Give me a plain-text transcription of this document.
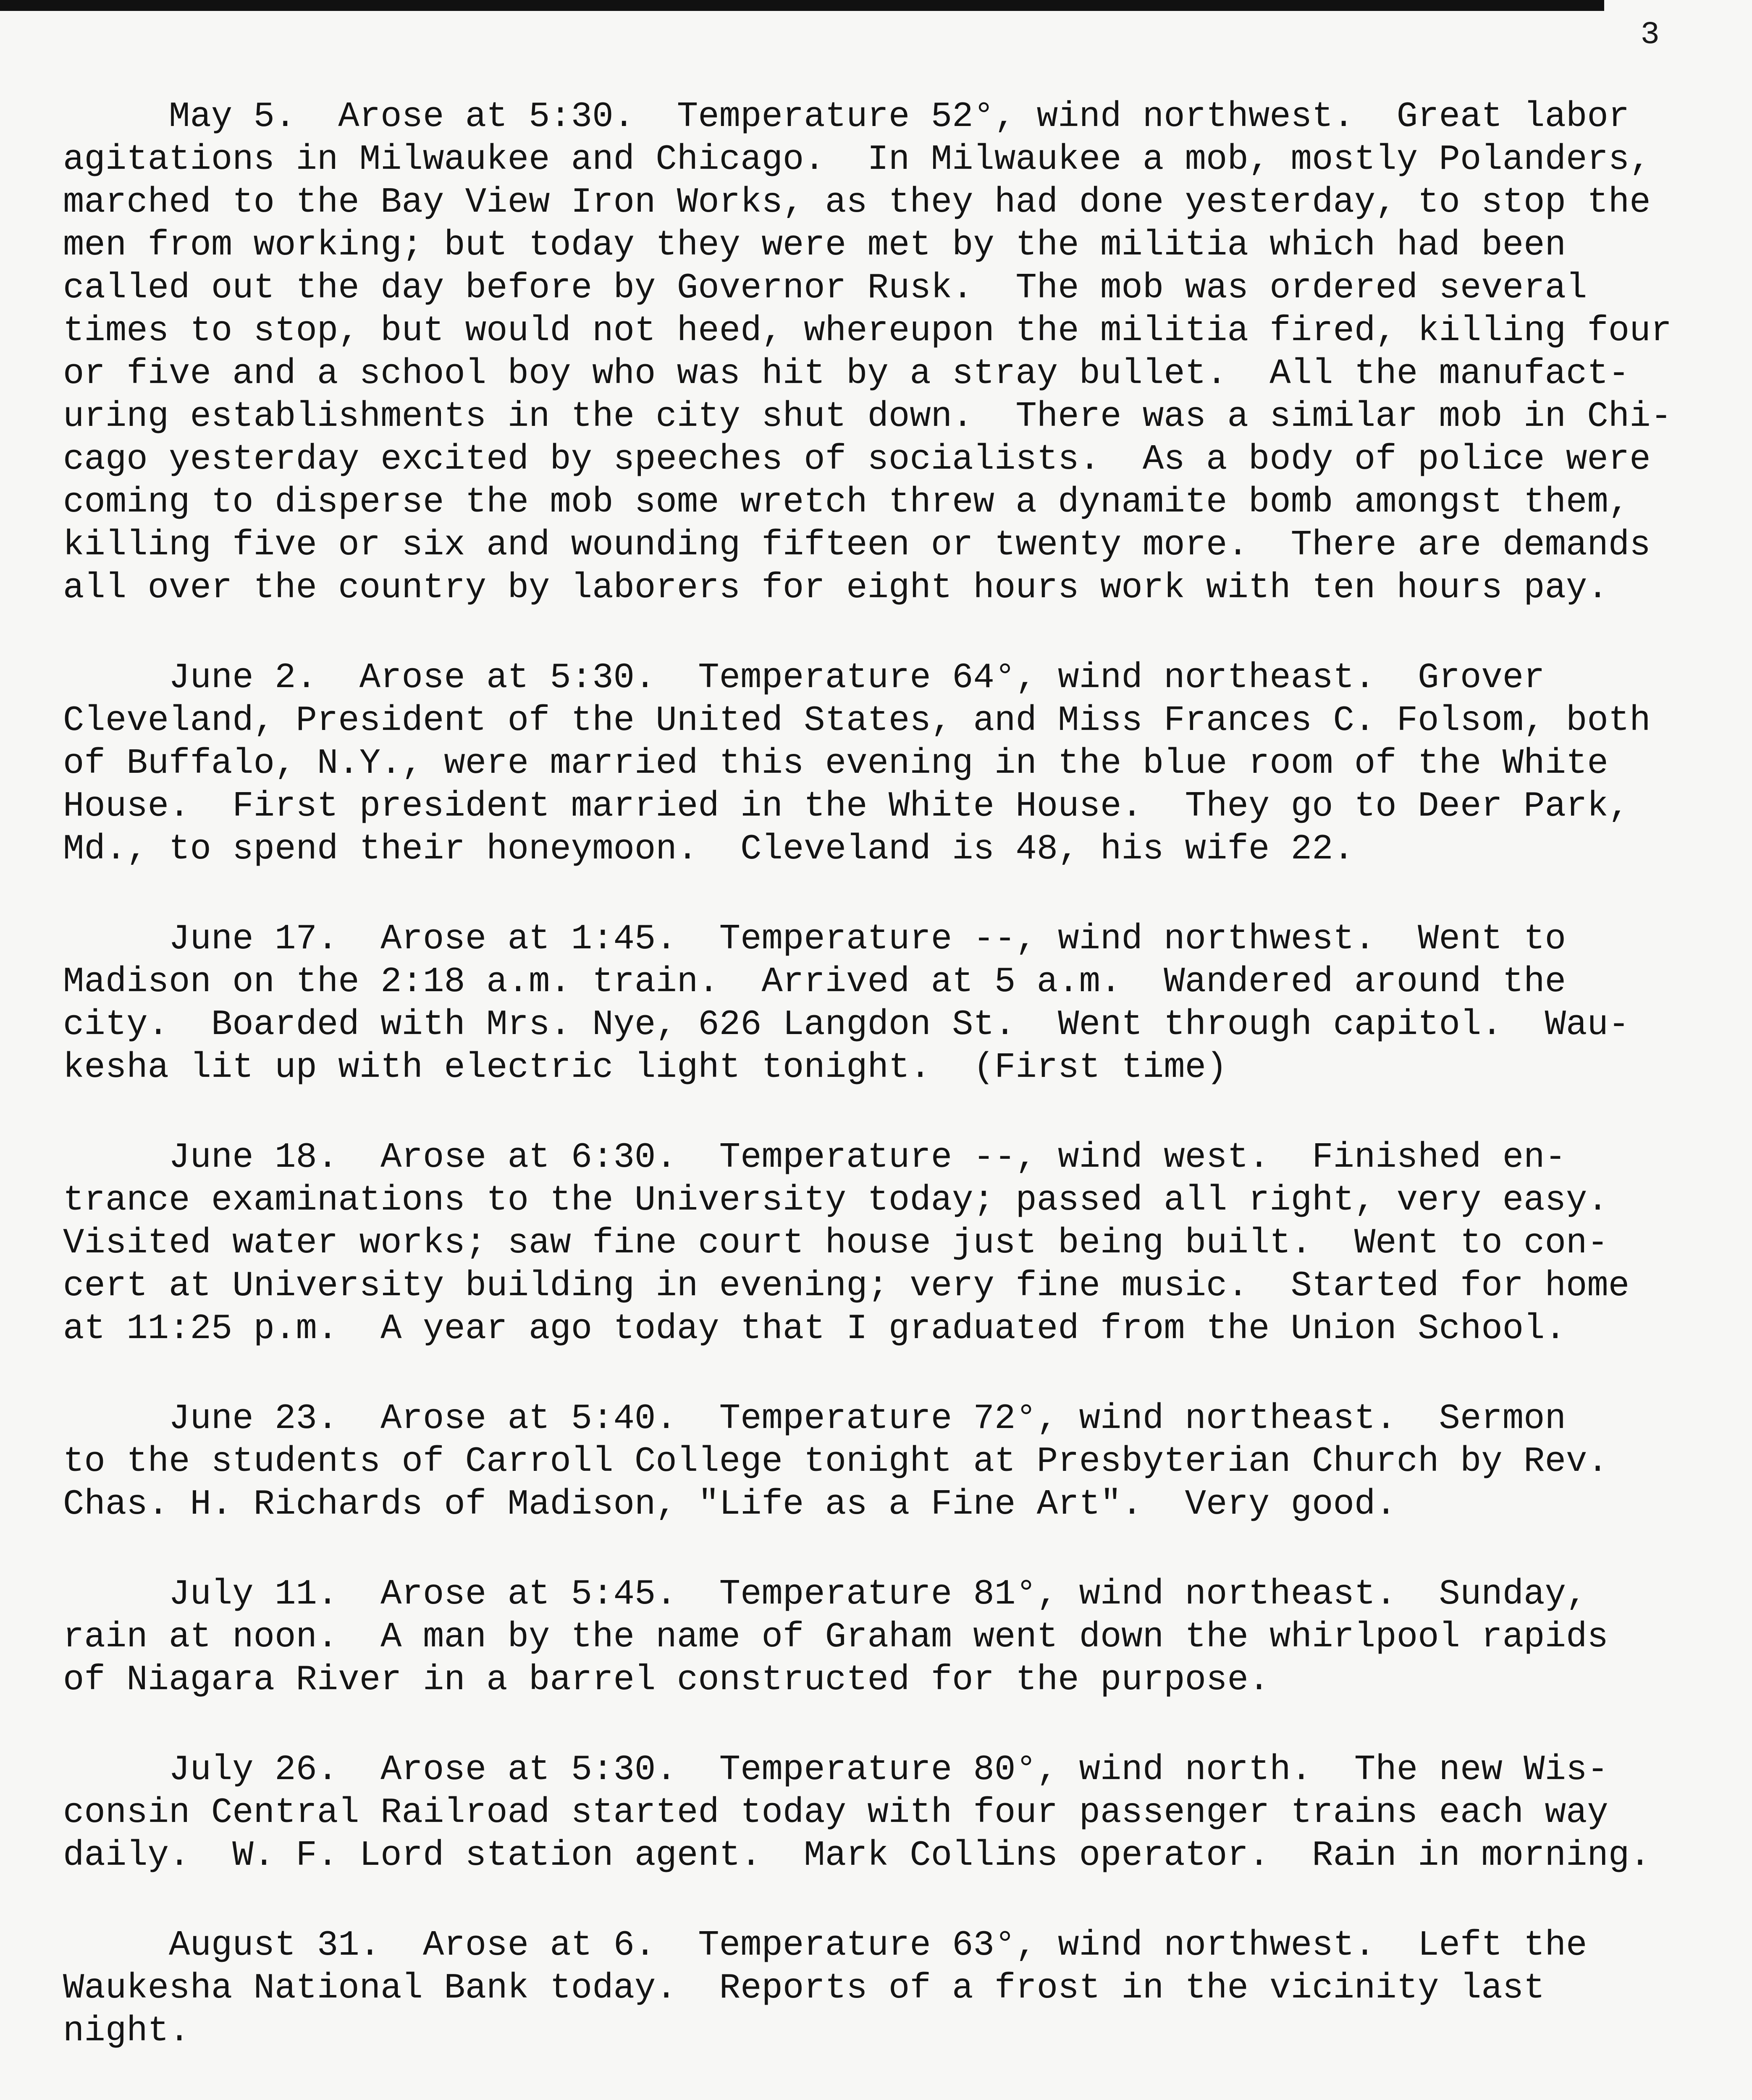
3
May 5.  Arose at 5:30.  Temperature 52°, wind northwest.  Great labor
agitations in Milwaukee and Chicago.  In Milwaukee a mob, mostly Polanders,
marched to the Bay View Iron Works, as they had done yesterday, to stop the
men from working; but today they were met by the militia which had been
called out the day before by Governor Rusk.  The mob was ordered several
times to stop, but would not heed, whereupon the militia fired, killing four
or five and a school boy who was hit by a stray bullet.  All the manufact-
uring establishments in the city shut down.  There was a similar mob in Chi-
cago yesterday excited by speeches of socialists.  As a body of police were
coming to disperse the mob some wretch threw a dynamite bomb amongst them,
killing five or six and wounding fifteen or twenty more.  There are demands
all over the country by laborers for eight hours work with ten hours pay.
June 2.  Arose at 5:30.  Temperature 64°, wind northeast.  Grover
Cleveland, President of the United States, and Miss Frances C. Folsom, both
of Buffalo, N.Y., were married this evening in the blue room of the White
House.  First president married in the White House.  They go to Deer Park,
Md., to spend their honeymoon.  Cleveland is 48, his wife 22.
June 17.  Arose at 1:45.  Temperature --, wind northwest.  Went to
Madison on the 2:18 a.m. train.  Arrived at 5 a.m.  Wandered around the
city.  Boarded with Mrs. Nye, 626 Langdon St.  Went through capitol.  Wau-
kesha lit up with electric light tonight.  (First time)
June 18.  Arose at 6:30.  Temperature --, wind west.  Finished en-
trance examinations to the University today; passed all right, very easy.
Visited water works; saw fine court house just being built.  Went to con-
cert at University building in evening; very fine music.  Started for home
at 11:25 p.m.  A year ago today that I graduated from the Union School.
June 23.  Arose at 5:40.  Temperature 72°, wind northeast.  Sermon
to the students of Carroll College tonight at Presbyterian Church by Rev.
Chas. H. Richards of Madison, "Life as a Fine Art".  Very good.
July 11.  Arose at 5:45.  Temperature 81°, wind northeast.  Sunday,
rain at noon.  A man by the name of Graham went down the whirlpool rapids
of Niagara River in a barrel constructed for the purpose.
July 26.  Arose at 5:30.  Temperature 80°, wind north.  The new Wis-
consin Central Railroad started today with four passenger trains each way
daily.  W. F. Lord station agent.  Mark Collins operator.  Rain in morning.
August 31.  Arose at 6.  Temperature 63°, wind northwest.  Left the
Waukesha National Bank today.  Reports of a frost in the vicinity last
night.
